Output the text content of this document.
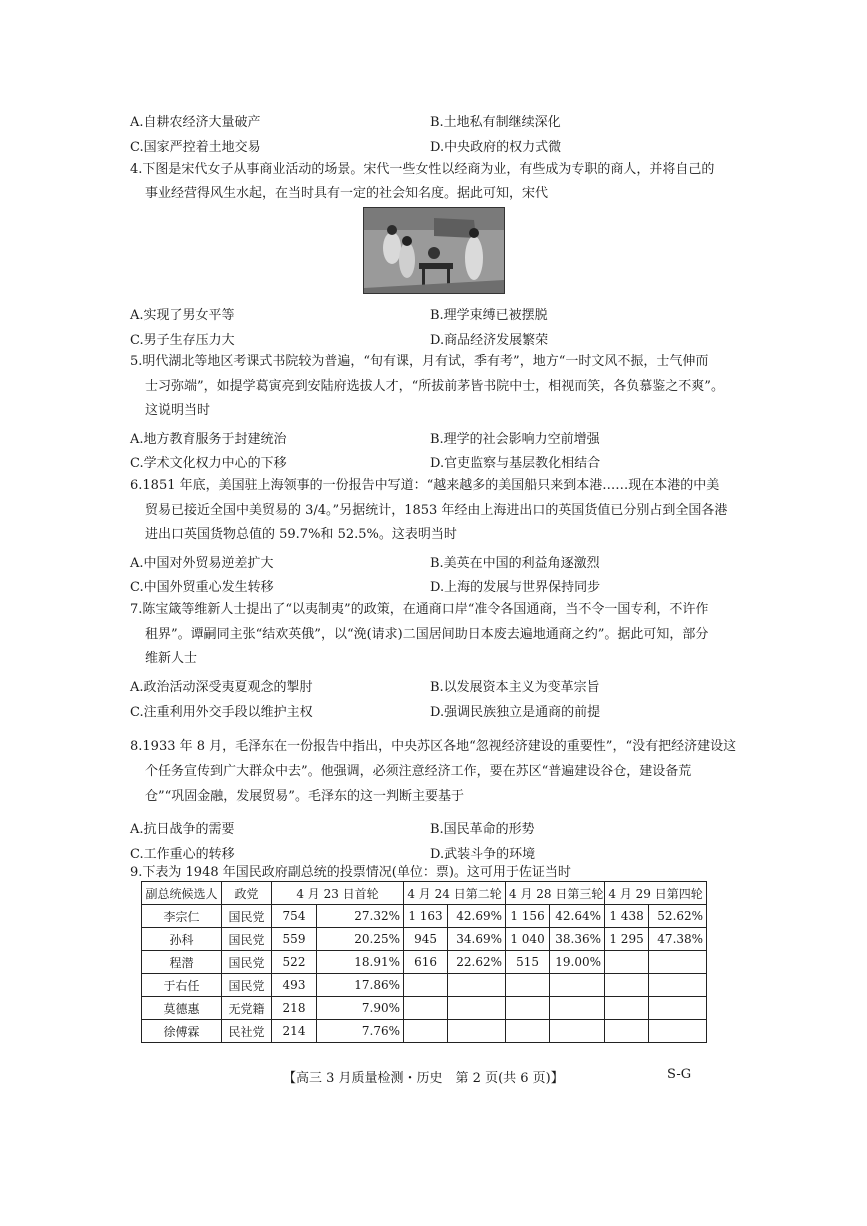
A.自耕农经济大量破产	B.土地私有制继续深化
C.国家严控着土地交易	D.中央政府的权力式微
4.下图是宋代女子从事商业活动的场景。宋代一些女性以经商为业，有些成为专职的商人，并将自己的
事业经营得风生水起，在当时具有一定的社会知名度。据此可知，宋代
A.实现了男女平等	B.理学束缚已被摆脱
C.男子生存压力大	D.商品经济发展繁荣
5.明代湖北等地区考课式书院较为普遍，“旬有课，月有试，季有考”，地方“一时文风不振，士气伸而
士习弥端”，如提学葛寅亮到安陆府选拔人才，“所拔前茅皆书院中士，相视而笑，各负慕鉴之不爽”。
这说明当时
A.地方教育服务于封建统治	B.理学的社会影响力空前增强
C.学术文化权力中心的下移	D.官吏监察与基层教化相结合
6.1851 年底，美国驻上海领事的一份报告中写道：“越来越多的美国船只来到本港……现在本港的中美
贸易已接近全国中美贸易的 3/4。”另据统计，1853 年经由上海进出口的英国货值已分别占到全国各港
进出口英国货物总值的 59.7%和 52.5%。这表明当时
A.中国对外贸易逆差扩大	B.美英在中国的利益角逐激烈
C.中国外贸重心发生转移	D.上海的发展与世界保持同步
7.陈宝箴等维新人士提出了“以夷制夷”的政策，在通商口岸“准令各国通商，当不令一国专利，不许作
租界”。谭嗣同主张“结欢英俄”，以“浼(请求)二国居间助日本废去遍地通商之约”。据此可知，部分
维新人士
A.政治活动深受夷夏观念的掣肘	B.以发展资本主义为变革宗旨
C.注重利用外交手段以维护主权	D.强调民族独立是通商的前提
8.1933 年 8 月，毛泽东在一份报告中指出，中央苏区各地“忽视经济建设的重要性”，“没有把经济建设这
个任务宣传到广大群众中去”。他强调，必须注意经济工作，要在苏区“普遍建设谷仓，建设备荒
仓”“巩固金融，发展贸易”。毛泽东的这一判断主要基于
A.抗日战争的需要	B.国民革命的形势
C.工作重心的转移	D.武装斗争的环境
9.下表为 1948 年国民政府副总统的投票情况(单位：票)。这可用于佐证当时
副总统候选人	政党	4 月 23 日首轮		4 月 24 日第二轮		4 月 28 日第三轮		4 月 29 日第四轮	
李宗仁	国民党	754	27.32%	1 163	42.69%	1 156	42.64%	1 438	52.62%
孙科	国民党	559	20.25%	945	34.69%	1 040	38.36%	1 295	47.38%
程潜	国民党	522	18.91%	616	22.62%	515	19.00%		
于右任	国民党	493	17.86%						
莫德惠	无党籍	218	7.90%						
徐傅霖	民社党	214	7.76%						
【高三 3 月质量检测・历史　第 2 页(共 6 页)】	S-G
